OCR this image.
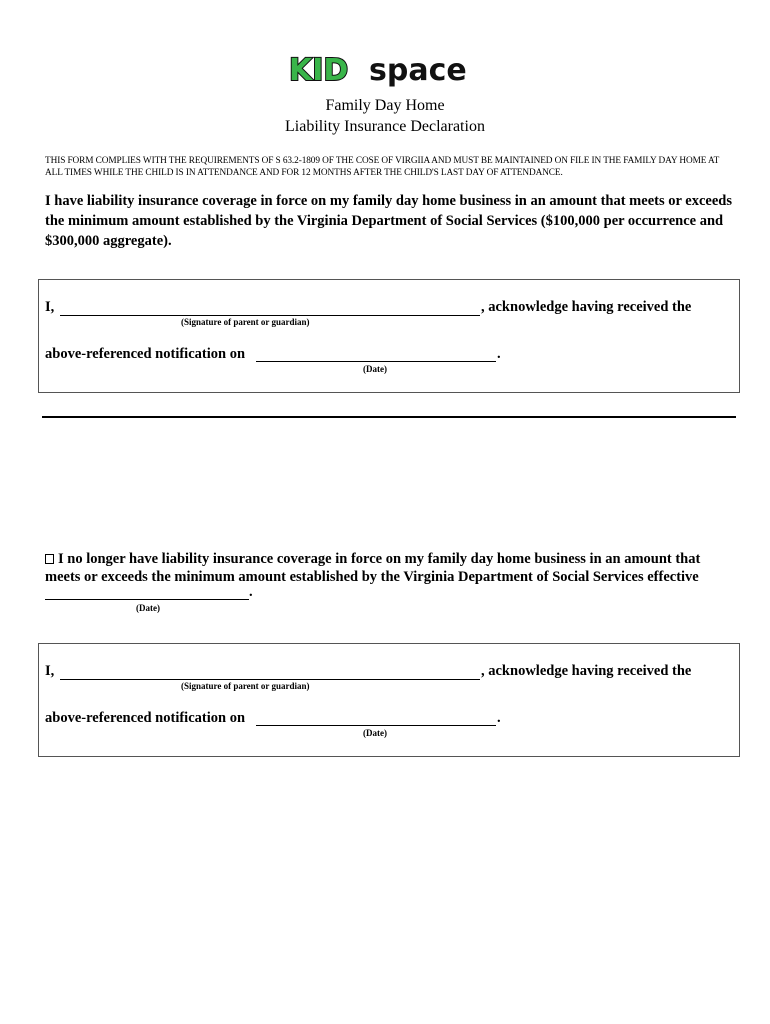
KID space
Family Day Home
Liability Insurance Declaration
THIS FORM COMPLIES WITH THE REQUIREMENTS OF S 63.2-1809 OF THE COSE OF VIRGIIA AND MUST BE MAINTAINED ON FILE IN THE FAMILY DAY HOME AT ALL TIMES WHILE THE CHILD IS IN ATTENDANCE AND FOR 12 MONTHS AFTER THE CHILD'S LAST DAY OF ATTENDANCE.
I have liability insurance coverage in force on my family day home business in an amount that meets or exceeds the minimum amount established by the Virginia Department of Social Services ($100,000 per occurrence and $300,000 aggregate).
I,	, acknowledge having received the
(Signature of parent or guardian)
above-referenced notification on	.
(Date)
I no longer have liability insurance coverage in force on my family day home business in an amount that meets or exceeds the minimum amount established by the Virginia Department of Social Services effective
.
(Date)
I,	, acknowledge having received the
(Signature of parent or guardian)
above-referenced notification on	.
(Date)
